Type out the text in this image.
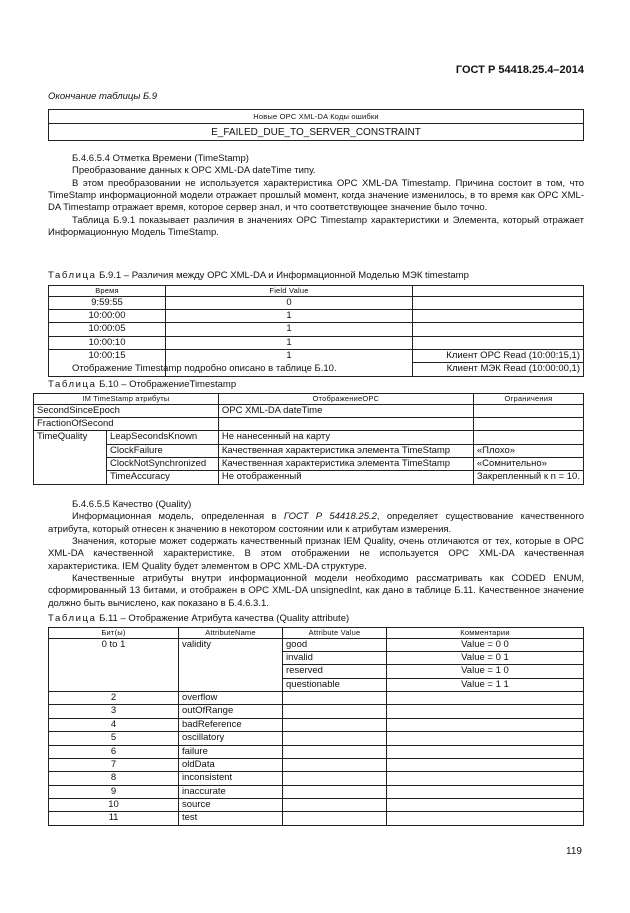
ГОСТ Р 54418.25.4–2014
Окончание таблицы Б.9
Новые OPC XML-DA Коды ошибки
E_FAILED_DUE_TO_SERVER_CONSTRAINT

Б.4.6.5.4 Отметка Времени (TimeStamp)

Преобразование данных к OPC XML-DA dateTime типу.

В этом преобразовании не используется характеристика OPC XML-DA Timestamp. Причина состоит в том, что TimeStamp информационной модели отражает прошлый момент, когда значение изменилось, в то время как OPC XML-DA Timestamp отражает время, которое сервер знал, и что соответствующее значение было точно.

Таблица Б.9.1 показывает различия в значениях OPC Timestamp характеристики и Элемента, который отражает Информационную Модель TimeStamp.

Таблица Б.9.1 – Различия между OPC XML-DA и Информационной Моделью МЭК timestamp
Время	Field Value	
9:59:55	0	
10:00:00	1	
10:00:05	1	
10:00:10	1	
10:00:15	1	Клиент OPC Read (10:00:15,1)
		Клиент МЭК Read (10:00:00,1)

Отображение Timestamp подробно описано в таблице Б.10.

Таблица Б.10 – ОтображениеTimestamp
IM TimeStamp атрибуты		ОтображениеOPC	Ограничения
SecondSinceEpoch		OPC XML-DA dateTime	
FractionOfSecond			
TimeQuality	LeapSecondsKnown	Не нанесенный на карту	
	ClockFailure	Качественная характеристика элемента TimeStamp	«Плохо»
	ClockNotSynchronized	Качественная характеристика элемента TimeStamp	«Сомнительно»
	TimeAccuracy	Не отображенный	Закрепленный к n = 10.

Б.4.6.5.5 Качество (Quality)

Информационная модель, определенная в ГОСТ Р 54418.25.2, определяет существование качественного атрибута, который отнесен к значению в некотором состоянии или к атрибутам измерения.

Значения, которые может содержать качественный признак IEM Quality, очень отличаются от тех, которые в OPC XML-DA качественной характеристике. В этом отображении не используется OPC XML-DA качественная характеристика. IEM Quality будет элементом в OPC XML-DA структуре.

Качественные атрибуты внутри информационной модели необходимо рассматривать как CODED ENUM, сформированный 13 битами, и отображен в OPC XML-DA unsignedInt, как дано в таблице Б.11. Качественное значение должно быть вычислено, как показано в Б.4.6.3.1.

Таблица Б.11 – Отображение Атрибута качества (Quality attribute)
Бит(ы)	AttributeName	Attribute Value	Комментарии
0 to 1	validity	good	Value = 0 0
		invalid	Value = 0 1
		reserved	Value = 1 0
		questionable	Value = 1 1
2	overflow		
3	outOfRange		
4	badReference		
5	oscillatory		
6	failure		
7	oldData		
8	inconsistent		
9	inaccurate		
10	source		
11	test		
119
